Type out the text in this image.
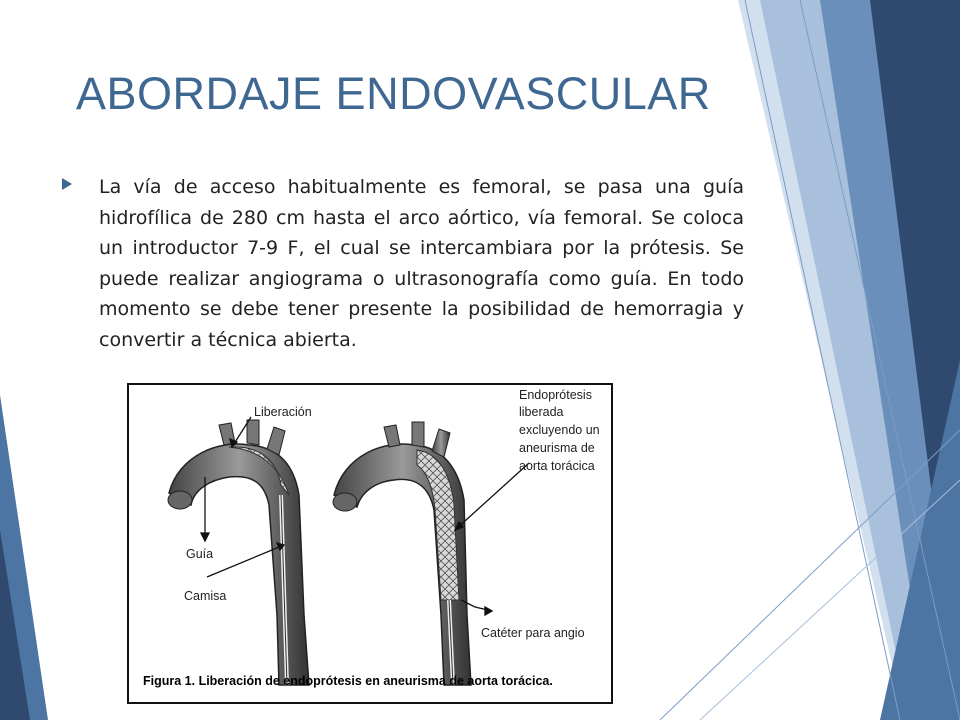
ABORDAJE ENDOVASCULAR

La vía de acceso habitualmente es femoral, se pasa una guía hidrofílica de 280 cm hasta el arco aórtico, vía femoral. Se coloca un introductor 7-9 F, el cual se intercambiara por la prótesis. Se puede realizar angiograma o ultrasonografía como guía. En todo momento se debe tener presente la posibilidad de hemorragia y convertir a técnica abierta.

Liberación
Guía
Camisa
Endoprótesis
liberada
excluyendo un
aneurisma de
aorta torácica
Catéter para angio
Figura 1. Liberación de endoprótesis en aneurisma de aorta torácica.
